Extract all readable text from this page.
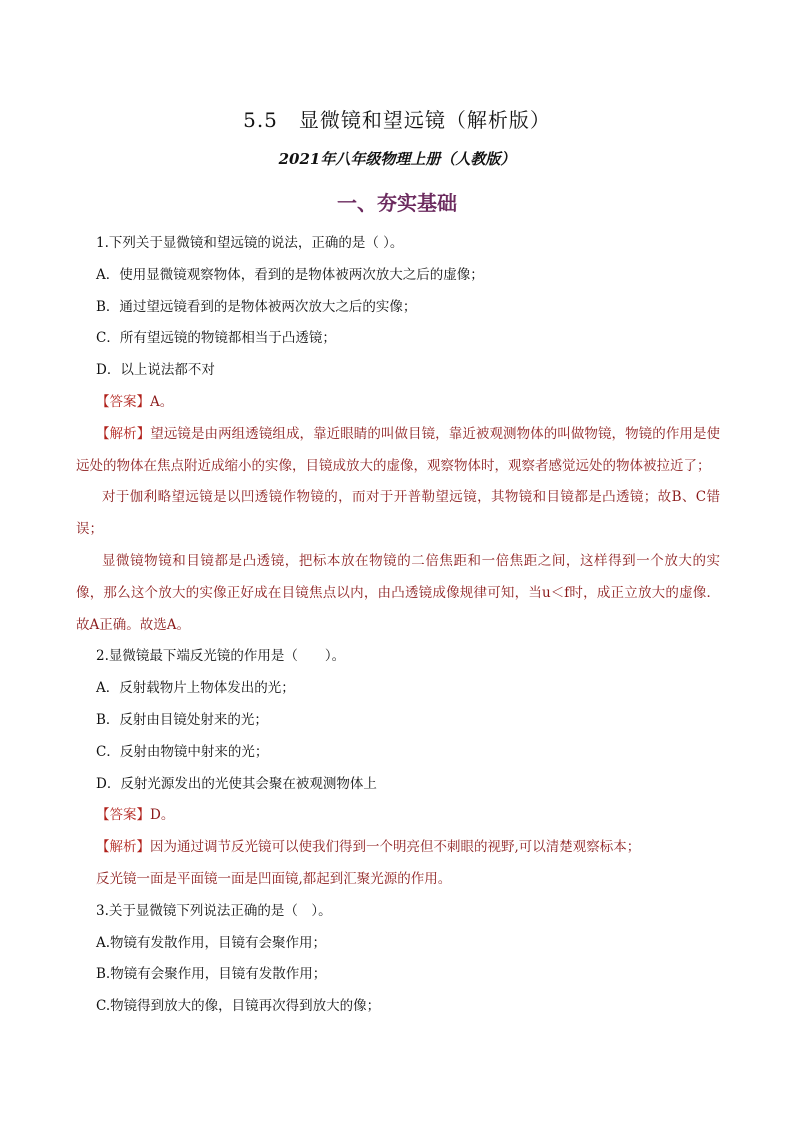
5.5　显微镜和望远镜（解析版）
2021年八年级物理上册（人教版）
一、夯实基础
1.下列关于显微镜和望远镜的说法，正确的是（ ）。
A．使用显微镜观察物体，看到的是物体被两次放大之后的虚像；
B．通过望远镜看到的是物体被两次放大之后的实像；
C．所有望远镜的物镜都相当于凸透镜；
D．以上说法都不对
【答案】A。
【解析】望远镜是由两组透镜组成，靠近眼睛的叫做目镜，靠近被观测物体的叫做物镜，物镜的作用是使远处的物体在焦点附近成缩小的实像，目镜成放大的虚像，观察物体时，观察者感觉远处的物体被拉近了；
对于伽利略望远镜是以凹透镜作物镜的，而对于开普勒望远镜，其物镜和目镜都是凸透镜；故B、C错误；
显微镜物镜和目镜都是凸透镜，把标本放在物镜的二倍焦距和一倍焦距之间，这样得到一个放大的实像，那么这个放大的实像正好成在目镜焦点以内，由凸透镜成像规律可知，当u＜f时，成正立放大的虚像．故A正确。故选A。
2.显微镜最下端反光镜的作用是（　　）。
A．反射载物片上物体发出的光；
B．反射由目镜处射来的光；
C．反射由物镜中射来的光；
D．反射光源发出的光使其会聚在被观测物体上
【答案】D。
【解析】因为通过调节反光镜可以使我们得到一个明亮但不刺眼的视野,可以清楚观察标本；
反光镜一面是平面镜一面是凹面镜,都起到汇聚光源的作用。
3.关于显微镜下列说法正确的是（　）。
A.物镜有发散作用，目镜有会聚作用；
B.物镜有会聚作用，目镜有发散作用；
C.物镜得到放大的像，目镜再次得到放大的像；
